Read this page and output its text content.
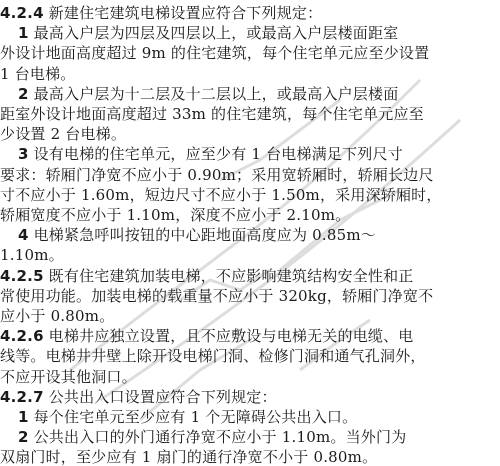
4.2.4 新建住宅建筑电梯设置应符合下列规定：
1 最高入户层为四层及四层以上，或最高入户层楼面距室
外设计地面高度超过 9m 的住宅建筑，每个住宅单元应至少设置
1 台电梯。
2 最高入户层为十二层及十二层以上，或最高入户层楼面
距室外设计地面高度超过 33m 的住宅建筑，每个住宅单元应至
少设置 2 台电梯。
3 设有电梯的住宅单元，应至少有 1 台电梯满足下列尺寸
要求：轿厢门净宽不应小于 0.90m；采用宽轿厢时，轿厢长边尺
寸不应小于 1.60m，短边尺寸不应小于 1.50m，采用深轿厢时，
轿厢宽度不应小于 1.10m，深度不应小于 2.10m。
4 电梯紧急呼叫按钮的中心距地面高度应为 0.85m～
1.10m。
4.2.5 既有住宅建筑加装电梯，不应影响建筑结构安全性和正
常使用功能。加装电梯的载重量不应小于 320kg，轿厢门净宽不
应小于 0.80m。
4.2.6 电梯井应独立设置，且不应敷设与电梯无关的电缆、电
线等。电梯井井壁上除开设电梯门洞、检修门洞和通气孔洞外，
不应开设其他洞口。
4.2.7 公共出入口设置应符合下列规定：
1 每个住宅单元至少应有 1 个无障碍公共出入口。
2 公共出入口的外门通行净宽不应小于 1.10m。当外门为
双扇门时，至少应有 1 扇门的通行净宽不小于 0.80m。
